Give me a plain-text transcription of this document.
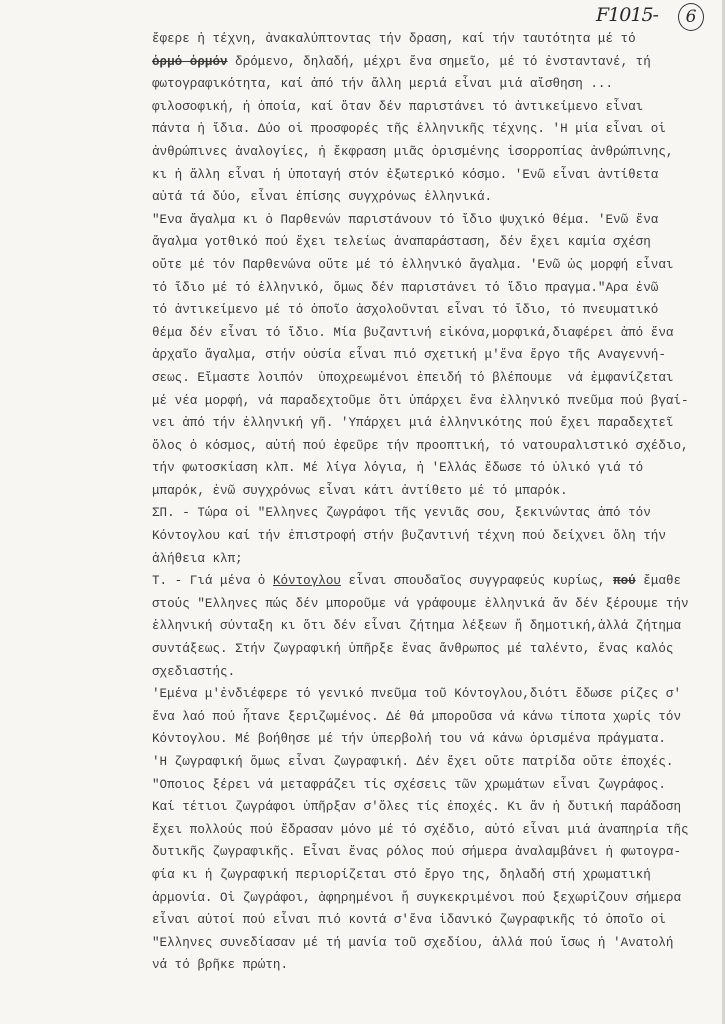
F1015-	6
ἔφερε ἡ τέχνη, ἀνακαλύπτοντας τήν δραση, καί τήν ταυτότητα μέ τό
ὁρμό ὁρμόν δρόμενο, δηλαδή, μέχρι ἕνα σημεῖο, μέ τό ἐνσταντανέ, τή
φωτογραφικότητα, καί ἀπό τήν ἄλλη μεριά εἶναι μιά αἴσθηση ...
φιλοσοφική, ἡ ὁποία, καί ὅταν δέν παριστάνει τό ἀντικείμενο εἶναι
πάντα ἡ ἴδια. Δύο οἱ προσφορές τῆς ἑλληνικῆς τέχνης. 'Η μία εἶναι οἱ
ἀνθρώπινες ἀναλογίες, ἡ ἔκφραση μιᾶς ὁρισμένης ἰσορροπίας ἀνθρώπινης,
κι ἡ ἄλλη εἶναι ἡ ὑποταγή στόν ἐξωτερικό κόσμο. 'Ενῶ εἶναι ἀντίθετα
αὐτά τά δύο, εἶναι ἐπίσης συγχρόνως ἑλληνικά.
"Ενα ἄγαλμα κι ὁ Παρθενών παριστάνουν τό ἴδιο ψυχικό θέμα. 'Ενῶ ἕνα
ἄγαλμα γοτθικό πού ἔχει τελείως ἀναπαράσταση, δέν ἔχει καμία σχέση
οὔτε μέ τόν Παρθενώνα οὔτε μέ τό ἑλληνικό ἄγαλμα. 'Ενῶ ὡς μορφή εἶναι
τό ἴδιο μέ τό ἑλληνικό, ὅμως δέν παριστάνει τό ἴδιο πραγμα."Αρα ἐνῶ
τό ἀντικείμενο μέ τό ὁποῖο ἀσχολοῦνται εἶναι τό ἴδιο, τό πνευματικό
θέμα δέν εἶναι τό ἴδιο. Μία βυζαντινή εἰκόνα,μορφικά,διαφέρει ἀπό ἕνα
ἀρχαῖο ἄγαλμα, στήν οὐσία εἶναι πιό σχετική μ'ἕνα ἔργο τῆς Αναγεννή-
σεως. Εἴμαστε λοιπόν  ὑποχρεωμένοι ἐπειδή τό βλέπουμε  νά ἐμφανίζεται
μέ νέα μορφή, νά παραδεχτοῦμε ὅτι ὑπάρχει ἕνα ἑλληνικό πνεῦμα πού βγαί-
νει ἀπό τήν ἑλληνική γῆ. 'Υπάρχει μιά ἑλληνικότης πού ἔχει παραδεχτεῖ
ὅλος ὁ κόσμος, αὐτή πού ἐφεῦρε τήν προοπτική, τό νατουραλιστικό σχέδιο,
τήν φωτοσκίαση κλπ. Μέ λίγα λόγια, ἡ 'Ελλάς ἔδωσε τό ὑλικό γιά τό
μπαρόκ, ἐνῶ συγχρόνως εἶναι κάτι ἀντίθετο μέ τό μπαρόκ.
ΣΠ. - Τώρα οἱ "Ελληνες ζωγράφοι τῆς γενιᾶς σου, ξεκινώντας ἀπό τόν
Κόντογλου καί τήν ἐπιστροφή στήν βυζαντινή τέχνη πού δείχνει ὅλη τήν
ἀλήθεια κλπ;
Τ. - Γιά μένα ὁ Κόντογλου εἶναι σπουδαῖος συγγραφεύς κυρίως, πού ἔμαθε
στούς "Ελληνες πώς δέν μποροῦμε νά γράφουμε ἑλληνικά ἄν δέν ξέρουμε τήν
ἑλληνική σύνταξη κι ὅτι δέν εἶναι ζήτημα λέξεων ἤ δημοτική,ἀλλά ζήτημα
συντάξεως. Στήν ζωγραφική ὑπῆρξε ἕνας ἄνθρωπος μέ ταλέντο, ἕνας καλός
σχεδιαστής.
'Εμένα μ'ἐνδιέφερε τό γενικό πνεῦμα τοῦ Κόντογλου,διότι ἔδωσε ρίζες σ'
ἕνα λαό πού ἦτανε ξεριζωμένος. Δέ θά μποροῦσα νά κάνω τίποτα χωρίς τόν
Κόντογλου. Μέ βοήθησε μέ τήν ὑπερβολή του νά κάνω ὁρισμένα πράγματα.
'Η ζωγραφική ὅμως εἶναι ζωγραφική. Δέν ἔχει οὔτε πατρίδα οὔτε ἐποχές.
"Οποιος ξέρει νά μεταφράζει τίς σχέσεις τῶν χρωμάτων εἶναι ζωγράφος.
Καί τέτιοι ζωγράφοι ὑπῆρξαν σ'ὅλες τίς ἐποχές. Κι ἄν ἡ δυτική παράδοση
ἔχει πολλούς πού ἔδρασαν μόνο μέ τό σχέδιο, αὐτό εἶναι μιά ἀναπηρία τῆς
δυτικῆς ζωγραφικῆς. Εἶναι ἕνας ρόλος πού σήμερα ἀναλαμβάνει ἡ φωτογρα-
φία κι ἡ ζωγραφική περιορίζεται στό ἔργο της, δηλαδή στή χρωματική
ἁρμονία. Οἱ ζωγράφοι, ἀφηρημένοι ἤ συγκεκριμένοι πού ξεχωρίζουν σήμερα
εἶναι αὐτοί πού εἶναι πιό κοντά σ'ἕνα ἰδανικό ζωγραφικῆς τό ὁποῖο οἱ
"Ελληνες συνεδίασαν μέ τή μανία τοῦ σχεδίου, ἀλλά πού ἴσως ἡ 'Ανατολή
νά τό βρῆκε πρώτη.
